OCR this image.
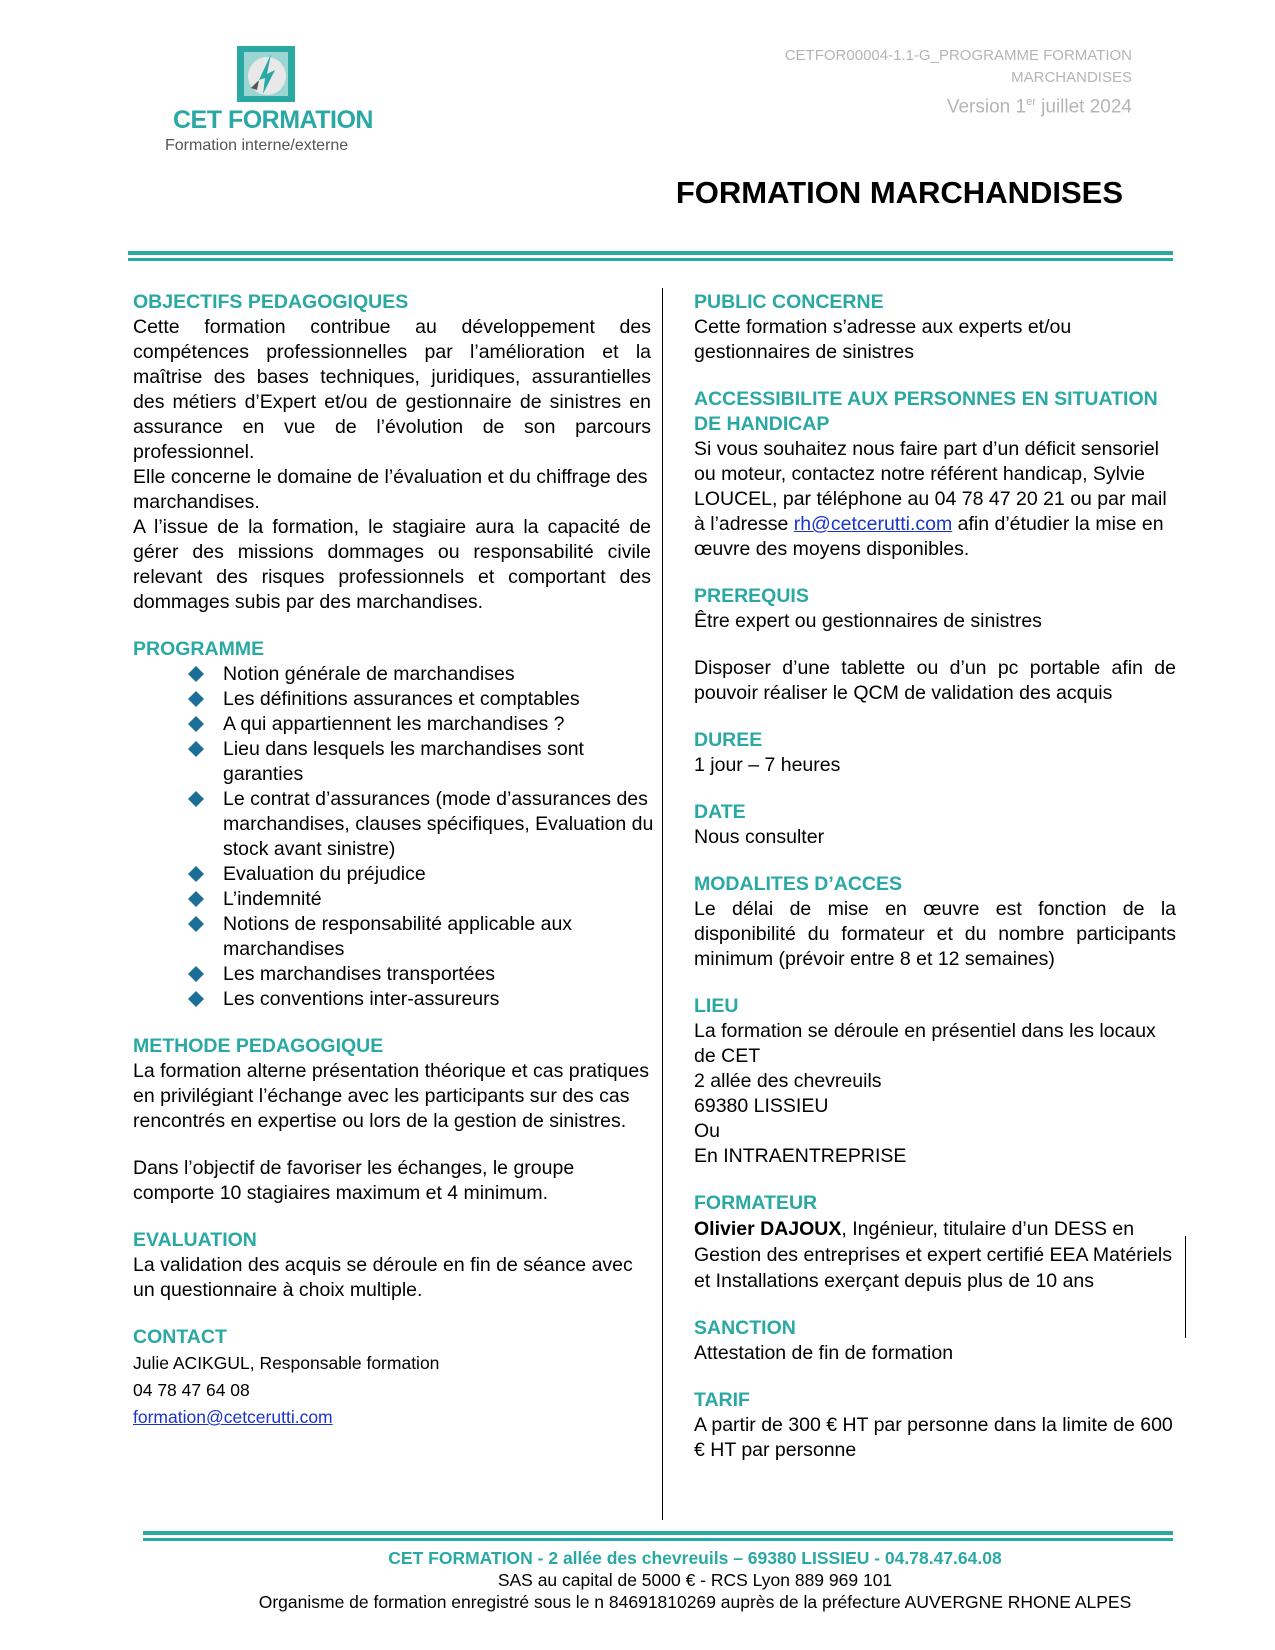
CET FORMATION
Formation interne/externe
CETFOR00004-1.1-G_PROGRAMME FORMATION
MARCHANDISES
Version 1er juillet 2024
FORMATION MARCHANDISES
OBJECTIFS PEDAGOGIQUES

Cette formation contribue au développement des compétences professionnelles par l’amélioration et la maîtrise des bases techniques, juridiques, assurantielles des métiers d’Expert et/ou de gestionnaire de sinistres en assurance en vue de l’évolution de son parcours professionnel.

Elle concerne le domaine de l’évaluation et du chiffrage des marchandises.

A l’issue de la formation, le stagiaire aura la capacité de gérer des missions dommages ou responsabilité civile relevant des risques professionnels et comportant des dommages subis par des marchandises.

PROGRAMME
Notion générale de marchandises
Les définitions assurances et comptables
A qui appartiennent les marchandises ?
Lieu dans lesquels les marchandises sont garanties
Le contrat d’assurances (mode d’assurances des marchandises, clauses spécifiques, Evaluation du stock avant sinistre)
Evaluation du préjudice
L’indemnité
Notions de responsabilité applicable aux marchandises
Les marchandises transportées
Les conventions inter-assureurs
METHODE PEDAGOGIQUE

La formation alterne présentation théorique et cas pratiques en privilégiant l’échange avec les participants sur des cas rencontrés en expertise ou lors de la gestion de sinistres.

Dans l’objectif de favoriser les échanges, le groupe comporte 10 stagiaires maximum et 4 minimum.

EVALUATION

La validation des acquis se déroule en fin de séance avec un questionnaire à choix multiple.

CONTACT
Julie ACIKGUL, Responsable formation
04 78 47 64 08
formation@cetcerutti.com
PUBLIC CONCERNE

Cette formation s’adresse aux experts et/ou gestionnaires de sinistres

ACCESSIBILITE AUX PERSONNES EN SITUATION DE HANDICAP

Si vous souhaitez nous faire part d’un déficit sensoriel ou moteur, contactez notre référent handicap, Sylvie LOUCEL, par téléphone au 04 78 47 20 21 ou par mail à l’adresse rh@cetcerutti.com afin d’étudier la mise en œuvre des moyens disponibles.

PREREQUIS

Être expert ou gestionnaires de sinistres

Disposer d’une tablette ou d’un pc portable afin de pouvoir réaliser le QCM de validation des acquis

DUREE

1 jour – 7 heures

DATE

Nous consulter

MODALITES D’ACCES

Le délai de mise en œuvre est fonction de la disponibilité du formateur et du nombre participants minimum (prévoir entre 8 et 12 semaines)

LIEU

La formation se déroule en présentiel dans les locaux de CET

2 allée des chevreuils

69380 LISSIEU

Ou

En INTRAENTREPRISE

FORMATEUR

Olivier DAJOUX, Ingénieur, titulaire d’un DESS en Gestion des entreprises et expert certifié EEA Matériels et Installations exerçant depuis plus de 10 ans

SANCTION

Attestation de fin de formation

TARIF

A partir de 300 € HT par personne dans la limite de 600 € HT par personne

CET FORMATION - 2 allée des chevreuils – 69380 LISSIEU - 04.78.47.64.08
SAS au capital de 5000 € - RCS Lyon 889 969 101
Organisme de formation enregistré sous le n 84691810269 auprès de la préfecture AUVERGNE RHONE ALPES
